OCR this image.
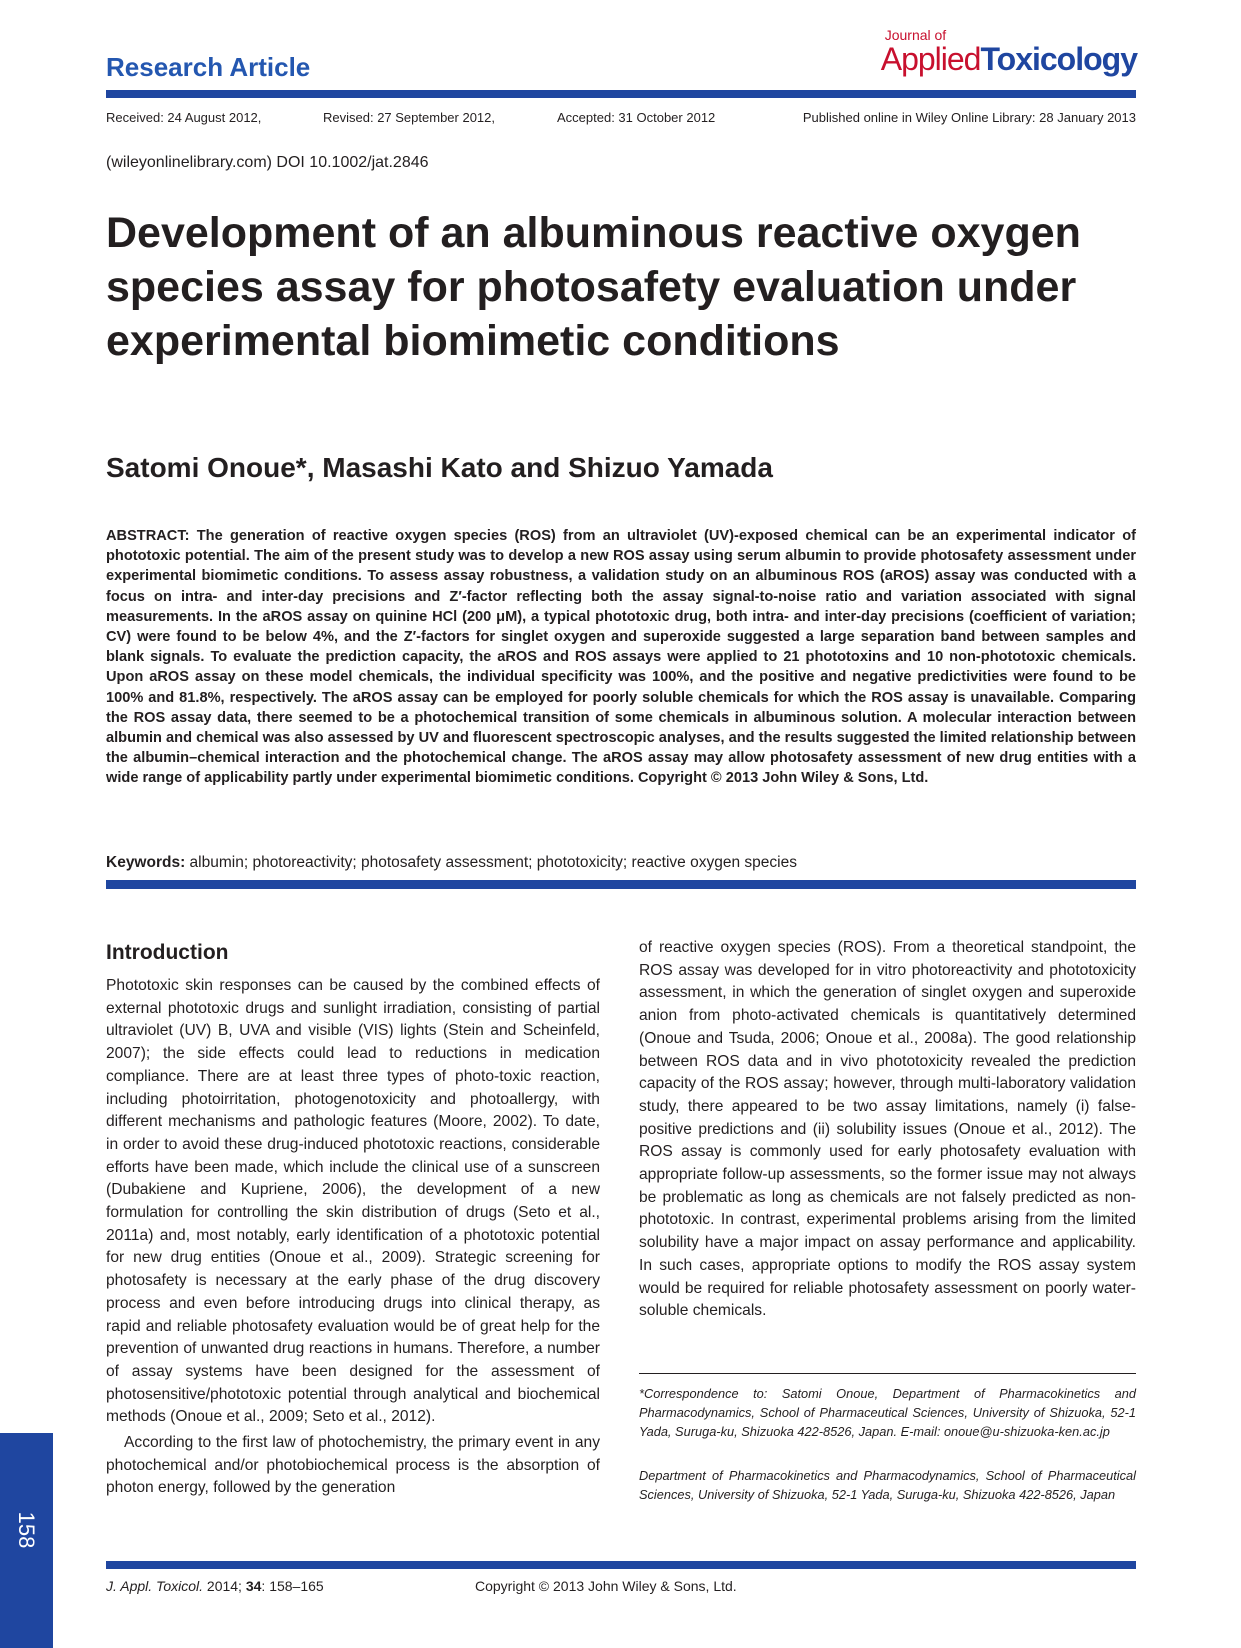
Research Article
Journal of
AppliedToxicology
Received: 24 August 2012,	Revised: 27 September 2012,	Accepted: 31 October 2012	Published online in Wiley Online Library: 28 January 2013
(wileyonlinelibrary.com) DOI 10.1002/jat.2846
Development of an albuminous reactive oxygen species assay for photosafety evaluation under experimental biomimetic conditions
Satomi Onoue*, Masashi Kato and Shizuo Yamada
ABSTRACT: The generation of reactive oxygen species (ROS) from an ultraviolet (UV)-exposed chemical can be an experimental indicator of phototoxic potential. The aim of the present study was to develop a new ROS assay using serum albumin to provide photosafety assessment under experimental biomimetic conditions. To assess assay robustness, a validation study on an albuminous ROS (aROS) assay was conducted with a focus on intra- and inter-day precisions and Z′-factor reflecting both the assay signal-to-noise ratio and variation associated with signal measurements. In the aROS assay on quinine HCl (200 μM), a typical phototoxic drug, both intra- and inter-day precisions (coefficient of variation; CV) were found to be below 4%, and the Z′-factors for singlet oxygen and superoxide suggested a large separation band between samples and blank signals. To evaluate the prediction capacity, the aROS and ROS assays were applied to 21 phototoxins and 10 non-phototoxic chemicals. Upon aROS assay on these model chemicals, the individual specificity was 100%, and the positive and negative predictivities were found to be 100% and 81.8%, respectively. The aROS assay can be employed for poorly soluble chemicals for which the ROS assay is unavailable. Comparing the ROS assay data, there seemed to be a photochemical transition of some chemicals in albuminous solution. A molecular interaction between albumin and chemical was also assessed by UV and fluorescent spectroscopic analyses, and the results suggested the limited relationship between the albumin–chemical interaction and the photochemical change. The aROS assay may allow photosafety assessment of new drug entities with a wide range of applicability partly under experimental biomimetic conditions. Copyright © 2013 John Wiley & Sons, Ltd.
Keywords: albumin; photoreactivity; photosafety assessment; phototoxicity; reactive oxygen species
Introduction

Phototoxic skin responses can be caused by the combined effects of external phototoxic drugs and sunlight irradiation, consisting of partial ultraviolet (UV) B, UVA and visible (VIS) lights (Stein and Scheinfeld, 2007); the side effects could lead to reductions in medication compliance. There are at least three types of photo-toxic reaction, including photoirritation, photogenotoxicity and photoallergy, with different mechanisms and pathologic features (Moore, 2002). To date, in order to avoid these drug-induced phototoxic reactions, considerable efforts have been made, which include the clinical use of a sunscreen (Dubakiene and Kupriene, 2006), the development of a new formulation for controlling the skin distribution of drugs (Seto et al., 2011a) and, most notably, early identification of a phototoxic potential for new drug entities (Onoue et al., 2009). Strategic screening for photosafety is necessary at the early phase of the drug discovery process and even before introducing drugs into clinical therapy, as rapid and reliable photosafety evaluation would be of great help for the prevention of unwanted drug reactions in humans. Therefore, a number of assay systems have been designed for the assessment of photosensitive/phototoxic potential through analytical and biochemical methods (Onoue et al., 2009; Seto et al., 2012).

According to the first law of photochemistry, the primary event in any photochemical and/or photobiochemical process is the absorption of photon energy, followed by the generation

of reactive oxygen species (ROS). From a theoretical standpoint, the ROS assay was developed for in vitro photoreactivity and phototoxicity assessment, in which the generation of singlet oxygen and superoxide anion from photo-activated chemicals is quantitatively determined (Onoue and Tsuda, 2006; Onoue et al., 2008a). The good relationship between ROS data and in vivo phototoxicity revealed the prediction capacity of the ROS assay; however, through multi-laboratory validation study, there appeared to be two assay limitations, namely (i) false-positive predictions and (ii) solubility issues (Onoue et al., 2012). The ROS assay is commonly used for early photosafety evaluation with appropriate follow-up assessments, so the former issue may not always be problematic as long as chemicals are not falsely predicted as non-phototoxic. In contrast, experimental problems arising from the limited solubility have a major impact on assay performance and applicability. In such cases, appropriate options to modify the ROS assay system would be required for reliable photosafety assessment on poorly water-soluble chemicals.

*Correspondence to: Satomi Onoue, Department of Pharmacokinetics and Pharmacodynamics, School of Pharmaceutical Sciences, University of Shizuoka, 52-1 Yada, Suruga-ku, Shizuoka 422-8526, Japan. E-mail: onoue@u-shizuoka-ken.ac.jp
Department of Pharmacokinetics and Pharmacodynamics, School of Pharmaceutical Sciences, University of Shizuoka, 52-1 Yada, Suruga-ku, Shizuoka 422-8526, Japan
158
J. Appl. Toxicol. 2014; 34: 158–165	Copyright © 2013 John Wiley & Sons, Ltd.
